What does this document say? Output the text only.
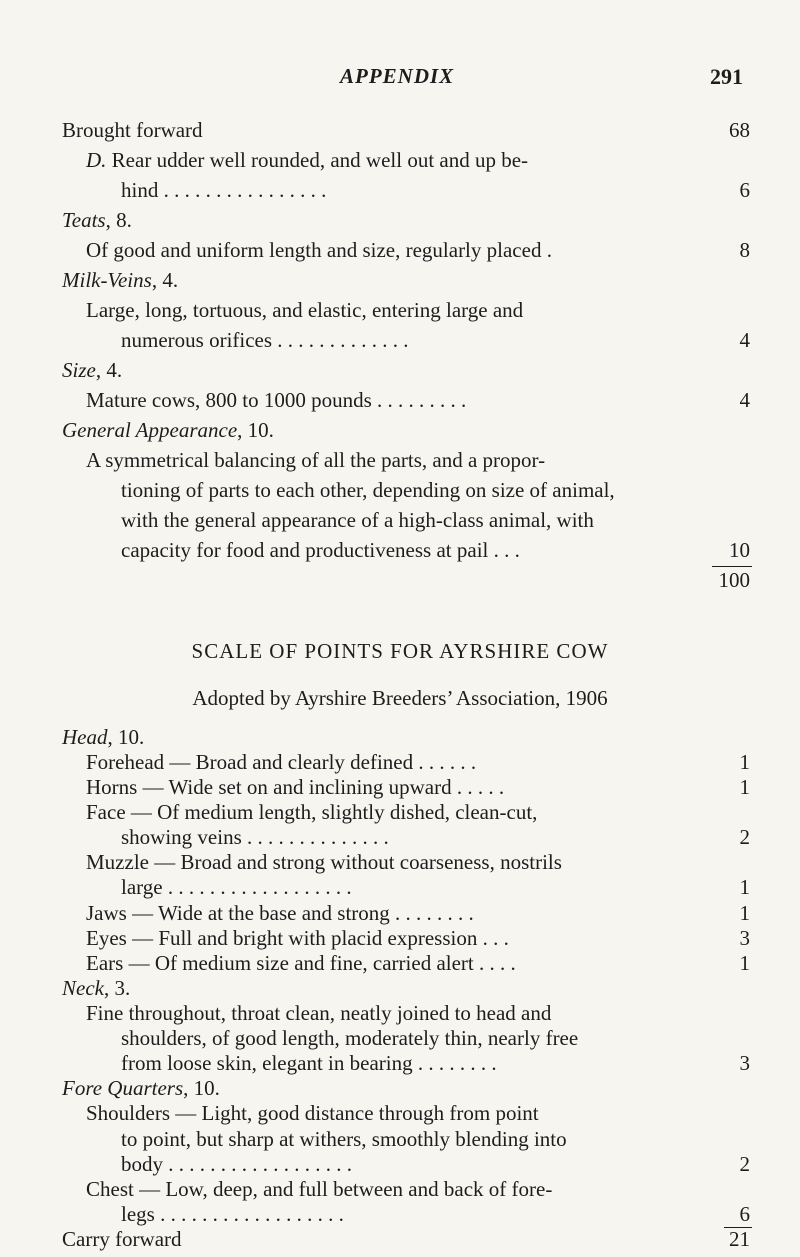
APPENDIX	291
Brought forward	68
D. Rear udder well rounded, and well out and up be-
hind . . . . . . . . . . . . . . . .	6
Teats, 8.
Of good and uniform length and size, regularly placed .	8
Milk-Veins, 4.
Large, long, tortuous, and elastic, entering large and
numerous orifices . . . . . . . . . . . . .	4
Size, 4.
Mature cows, 800 to 1000 pounds . . . . . . . . .	4
General Appearance, 10.
A symmetrical balancing of all the parts, and a propor-
tioning of parts to each other, depending on size of animal,
with the general appearance of a high-class animal, with
capacity for food and productiveness at pail . . .	10
100
SCALE OF POINTS FOR AYRSHIRE COW
Adopted by Ayrshire Breeders’ Association, 1906
Head, 10.
Forehead — Broad and clearly defined . . . . . .	1
Horns — Wide set on and inclining upward . . . . .	1
Face — Of medium length, slightly dished, clean-cut,
showing veins . . . . . . . . . . . . . .	2
Muzzle — Broad and strong without coarseness, nostrils
large . . . . . . . . . . . . . . . . . .	1
Jaws — Wide at the base and strong . . . . . . . .	1
Eyes — Full and bright with placid expression . . .	3
Ears — Of medium size and fine, carried alert . . . .	1
Neck, 3.
Fine throughout, throat clean, neatly joined to head and
shoulders, of good length, moderately thin, nearly free
from loose skin, elegant in bearing . . . . . . . .	3
Fore Quarters, 10.
Shoulders — Light, good distance through from point
to point, but sharp at withers, smoothly blending into
body . . . . . . . . . . . . . . . . . .	2
Chest — Low, deep, and full between and back of fore-
legs . . . . . . . . . . . . . . . . . .	6
Carry forward	21
